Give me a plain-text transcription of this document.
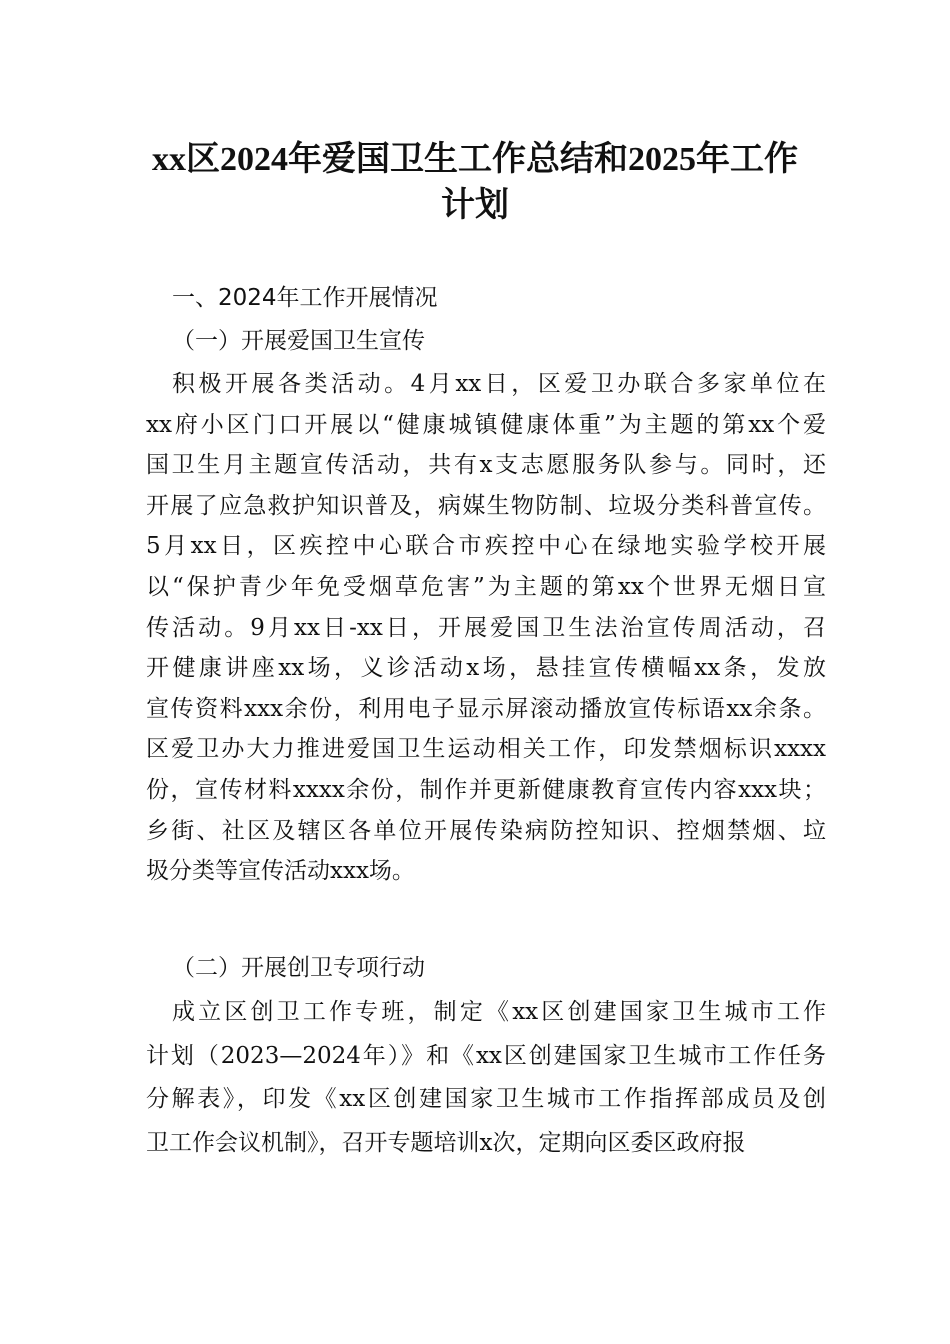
xx区2024年爱国卫生工作总结和2025年工作
计划
一、2024年工作开展情况
（一）开展爱国卫生宣传
积极开展各类活动。4月xx日，区爱卫办联合多家单位在
xx府小区门口开展以“健康城镇健康体重”为主题的第xx个爱
国卫生月主题宣传活动，共有x支志愿服务队参与。同时，还
开展了应急救护知识普及，病媒生物防制、垃圾分类科普宣传。
5月xx日，区疾控中心联合市疾控中心在绿地实验学校开展
以“保护青少年免受烟草危害”为主题的第xx个世界无烟日宣
传活动。9月xx日-xx日，开展爱国卫生法治宣传周活动，召
开健康讲座xx场，义诊活动x场，悬挂宣传横幅xx条，发放
宣传资料xxx余份，利用电子显示屏滚动播放宣传标语xx余条。
区爱卫办大力推进爱国卫生运动相关工作，印发禁烟标识xxxx
份，宣传材料xxxx余份，制作并更新健康教育宣传内容xxx块；
乡街、社区及辖区各单位开展传染病防控知识、控烟禁烟、垃
圾分类等宣传活动xxx场。
（二）开展创卫专项行动
成立区创卫工作专班，制定《xx区创建国家卫生城市工作
计划（2023—2024年）》和《xx区创建国家卫生城市工作任务
分解表》，印发《xx区创建国家卫生城市工作指挥部成员及创
卫工作会议机制》，召开专题培训x次，定期向区委区政府报
